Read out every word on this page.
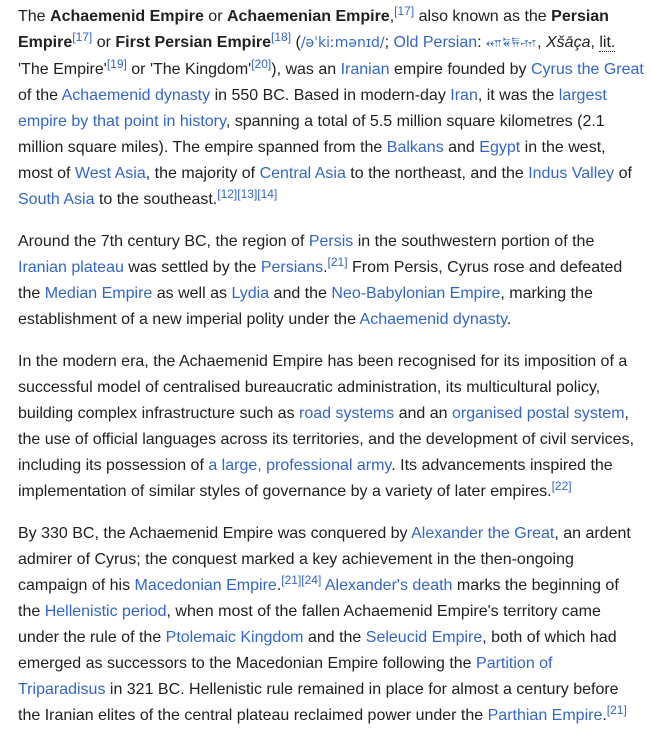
The Achaemenid Empire or Achaemenian Empire,[17] also known as the Persian Empire[17] or First Persian Empire[18] (/əˈkiːmənɪd/; Old Persian: 𐎧𐏁𐏂𐎶, Xšāça, lit. 'The Empire'[19] or 'The Kingdom'[20]), was an Iranian empire founded by Cyrus the Great of the Achaemenid dynasty in 550 BC. Based in modern-day Iran, it was the largest empire by that point in history, spanning a total of 5.5 million square kilometres (2.1 million square miles). The empire spanned from the Balkans and Egypt in the west, most of West Asia, the majority of Central Asia to the northeast, and the Indus Valley of South Asia to the southeast.[12][13][14]

Around the 7th century BC, the region of Persis in the southwestern portion of the Iranian plateau was settled by the Persians.[21] From Persis, Cyrus rose and defeated the Median Empire as well as Lydia and the Neo-Babylonian Empire, marking the establishment of a new imperial polity under the Achaemenid dynasty.

In the modern era, the Achaemenid Empire has been recognised for its imposition of a successful model of centralised bureaucratic administration, its multicultural policy, building complex infrastructure such as road systems and an organised postal system, the use of official languages across its territories, and the development of civil services, including its possession of a large, professional army. Its advancements inspired the implementation of similar styles of governance by a variety of later empires.[22]

By 330 BC, the Achaemenid Empire was conquered by Alexander the Great, an ardent admirer of Cyrus; the conquest marked a key achievement in the then-ongoing campaign of his Macedonian Empire.[21][24] Alexander's death marks the beginning of the Hellenistic period, when most of the fallen Achaemenid Empire's territory came under the rule of the Ptolemaic Kingdom and the Seleucid Empire, both of which had emerged as successors to the Macedonian Empire following the Partition of Triparadisus in 321 BC. Hellenistic rule remained in place for almost a century before the Iranian elites of the central plateau reclaimed power under the Parthian Empire.[21]
